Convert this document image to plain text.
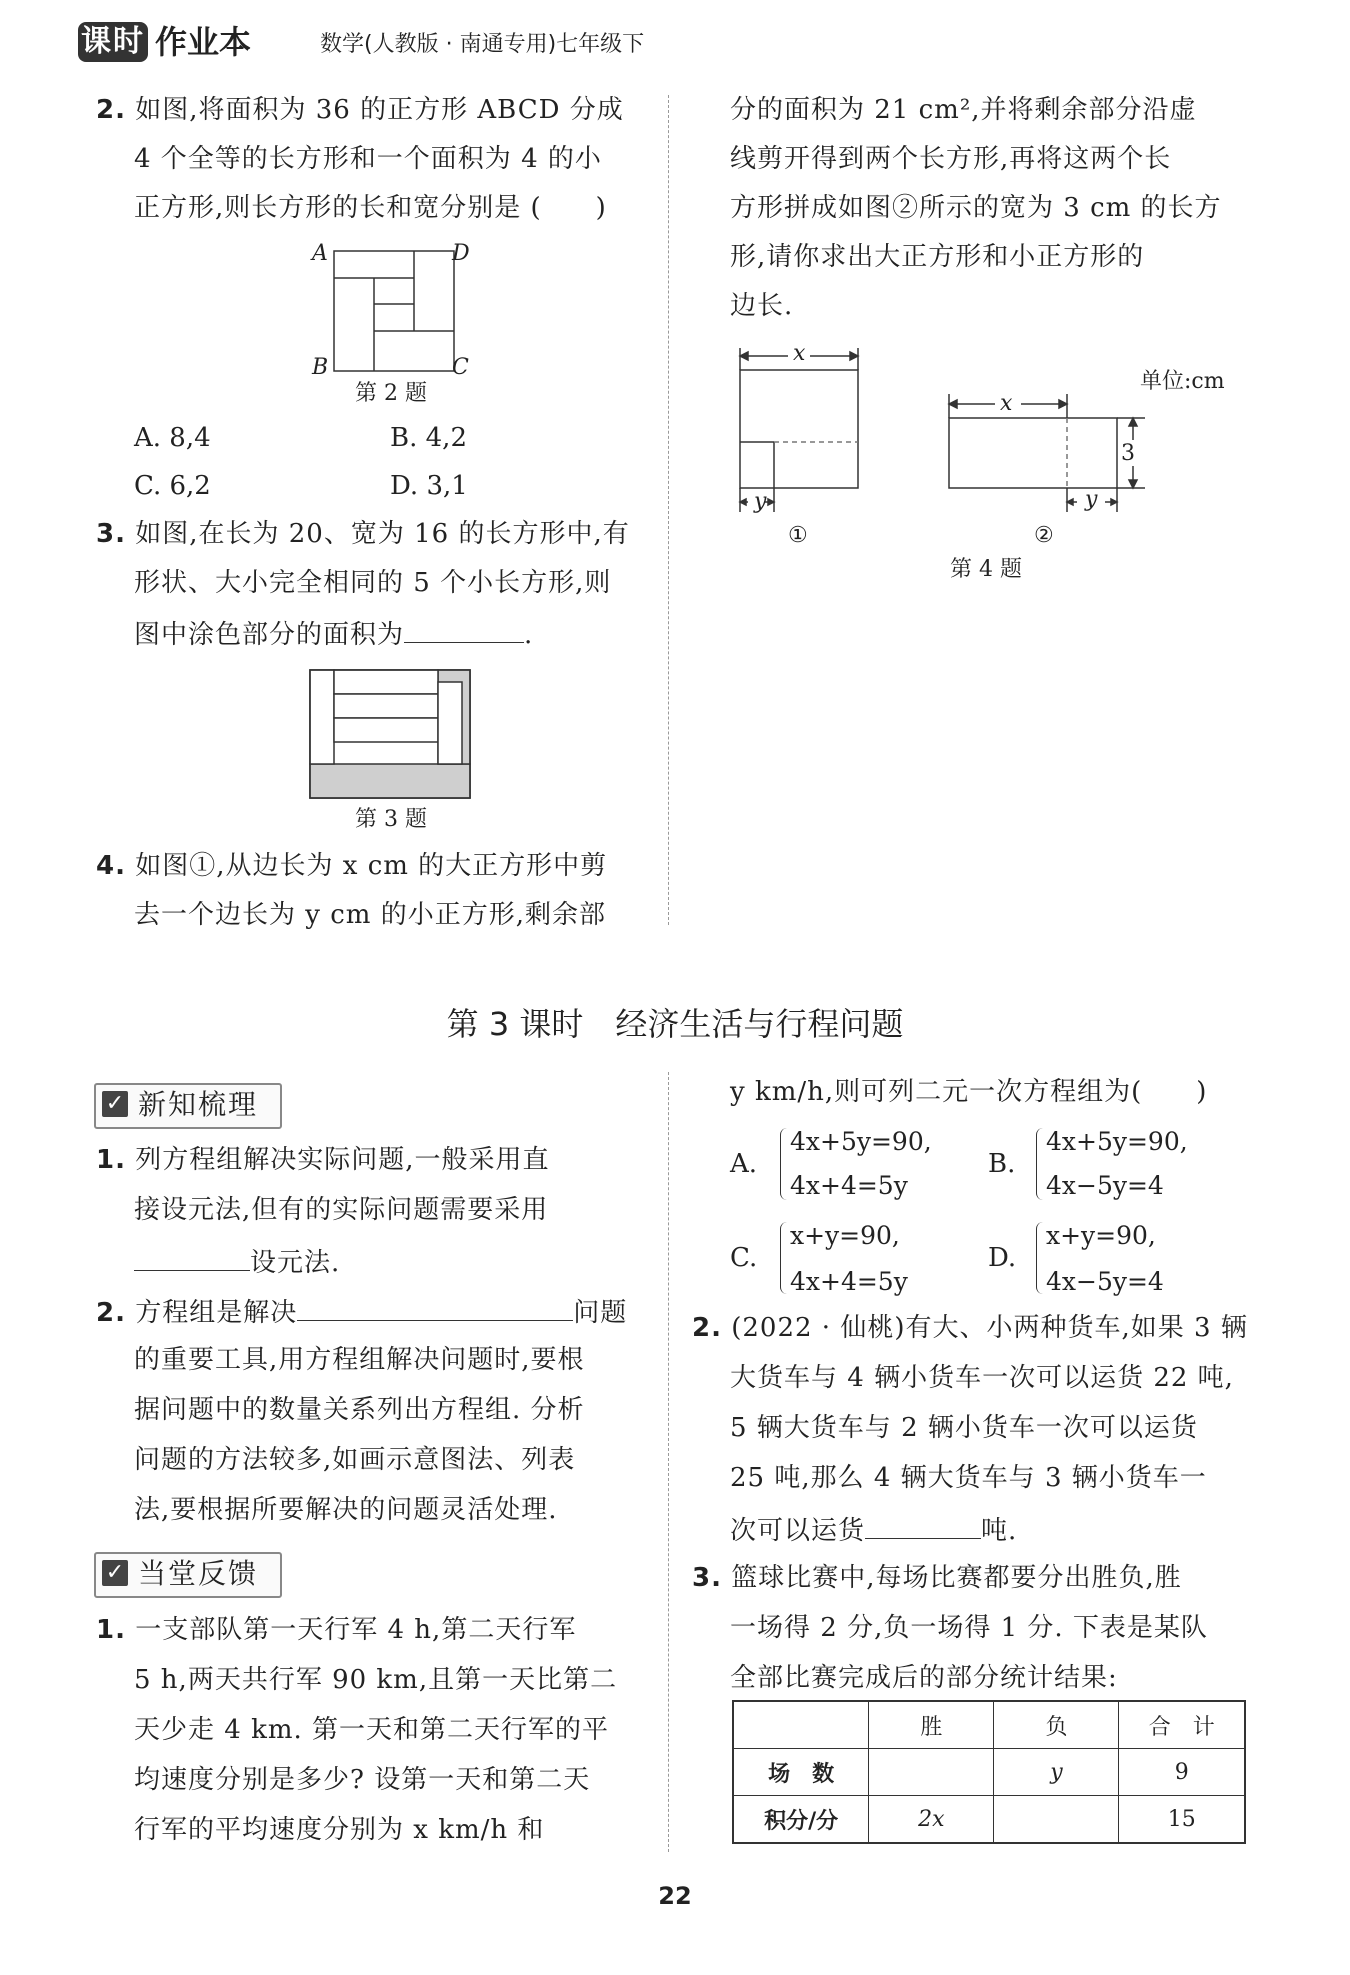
课时 作业本	数学(人教版 · 南通专用)七年级下
2. 如图,将面积为 36 的正方形 ABCD 分成
4 个全等的长方形和一个面积为 4 的小
正方形,则长方形的长和宽分别是 (　　)
A	D
B	C
第 2 题
A. 8,4	B. 4,2
C. 6,2	D. 3,1
3. 如图,在长为 20、宽为 16 的长方形中,有
形状、大小完全相同的 5 个小长方形,则
图中涂色部分的面积为	.
第 3 题
4. 如图①,从边长为 x cm 的大正方形中剪
去一个边长为 y cm 的小正方形,剩余部
分的面积为 21 cm²,并将剩余部分沿虚
线剪开得到两个长方形,再将这两个长
方形拼成如图②所示的宽为 3 cm 的长方
形,请你求出大正方形和小正方形的
边长.
x
y
①
单位:cm
x
3
y
②
第 4 题
第 3 课时　经济生活与行程问题
✓ 新知梳理
1. 列方程组解决实际问题,一般采用直
接设元法,但有的实际问题需要采用
设元法.
2. 方程组是解决	问题
的重要工具,用方程组解决问题时,要根
据问题中的数量关系列出方程组. 分析
问题的方法较多,如画示意图法、列表
法,要根据所要解决的问题灵活处理.
✓ 当堂反馈
1. 一支部队第一天行军 4 h,第二天行军
5 h,两天共行军 90 km,且第一天比第二
天少走 4 km. 第一天和第二天行军的平
均速度分别是多少? 设第一天和第二天
行军的平均速度分别为 x km/h 和
y km/h,则可列二元一次方程组为(　　)
A.
4x+5y=90,
4x+4=5y
B.
4x+5y=90,
4x−5y=4
C.
x+y=90,
4x+4=5y
D.
x+y=90,
4x−5y=4
2. (2022 · 仙桃)有大、小两种货车,如果 3 辆
大货车与 4 辆小货车一次可以运货 22 吨,
5 辆大货车与 2 辆小货车一次可以运货
25 吨,那么 4 辆大货车与 3 辆小货车一
次可以运货	吨.
3. 篮球比赛中,每场比赛都要分出胜负,胜
一场得 2 分,负一场得 1 分. 下表是某队
全部比赛完成后的部分统计结果:
	胜	负	合　计
场　数		y	9
积分/分	2x		15
22
